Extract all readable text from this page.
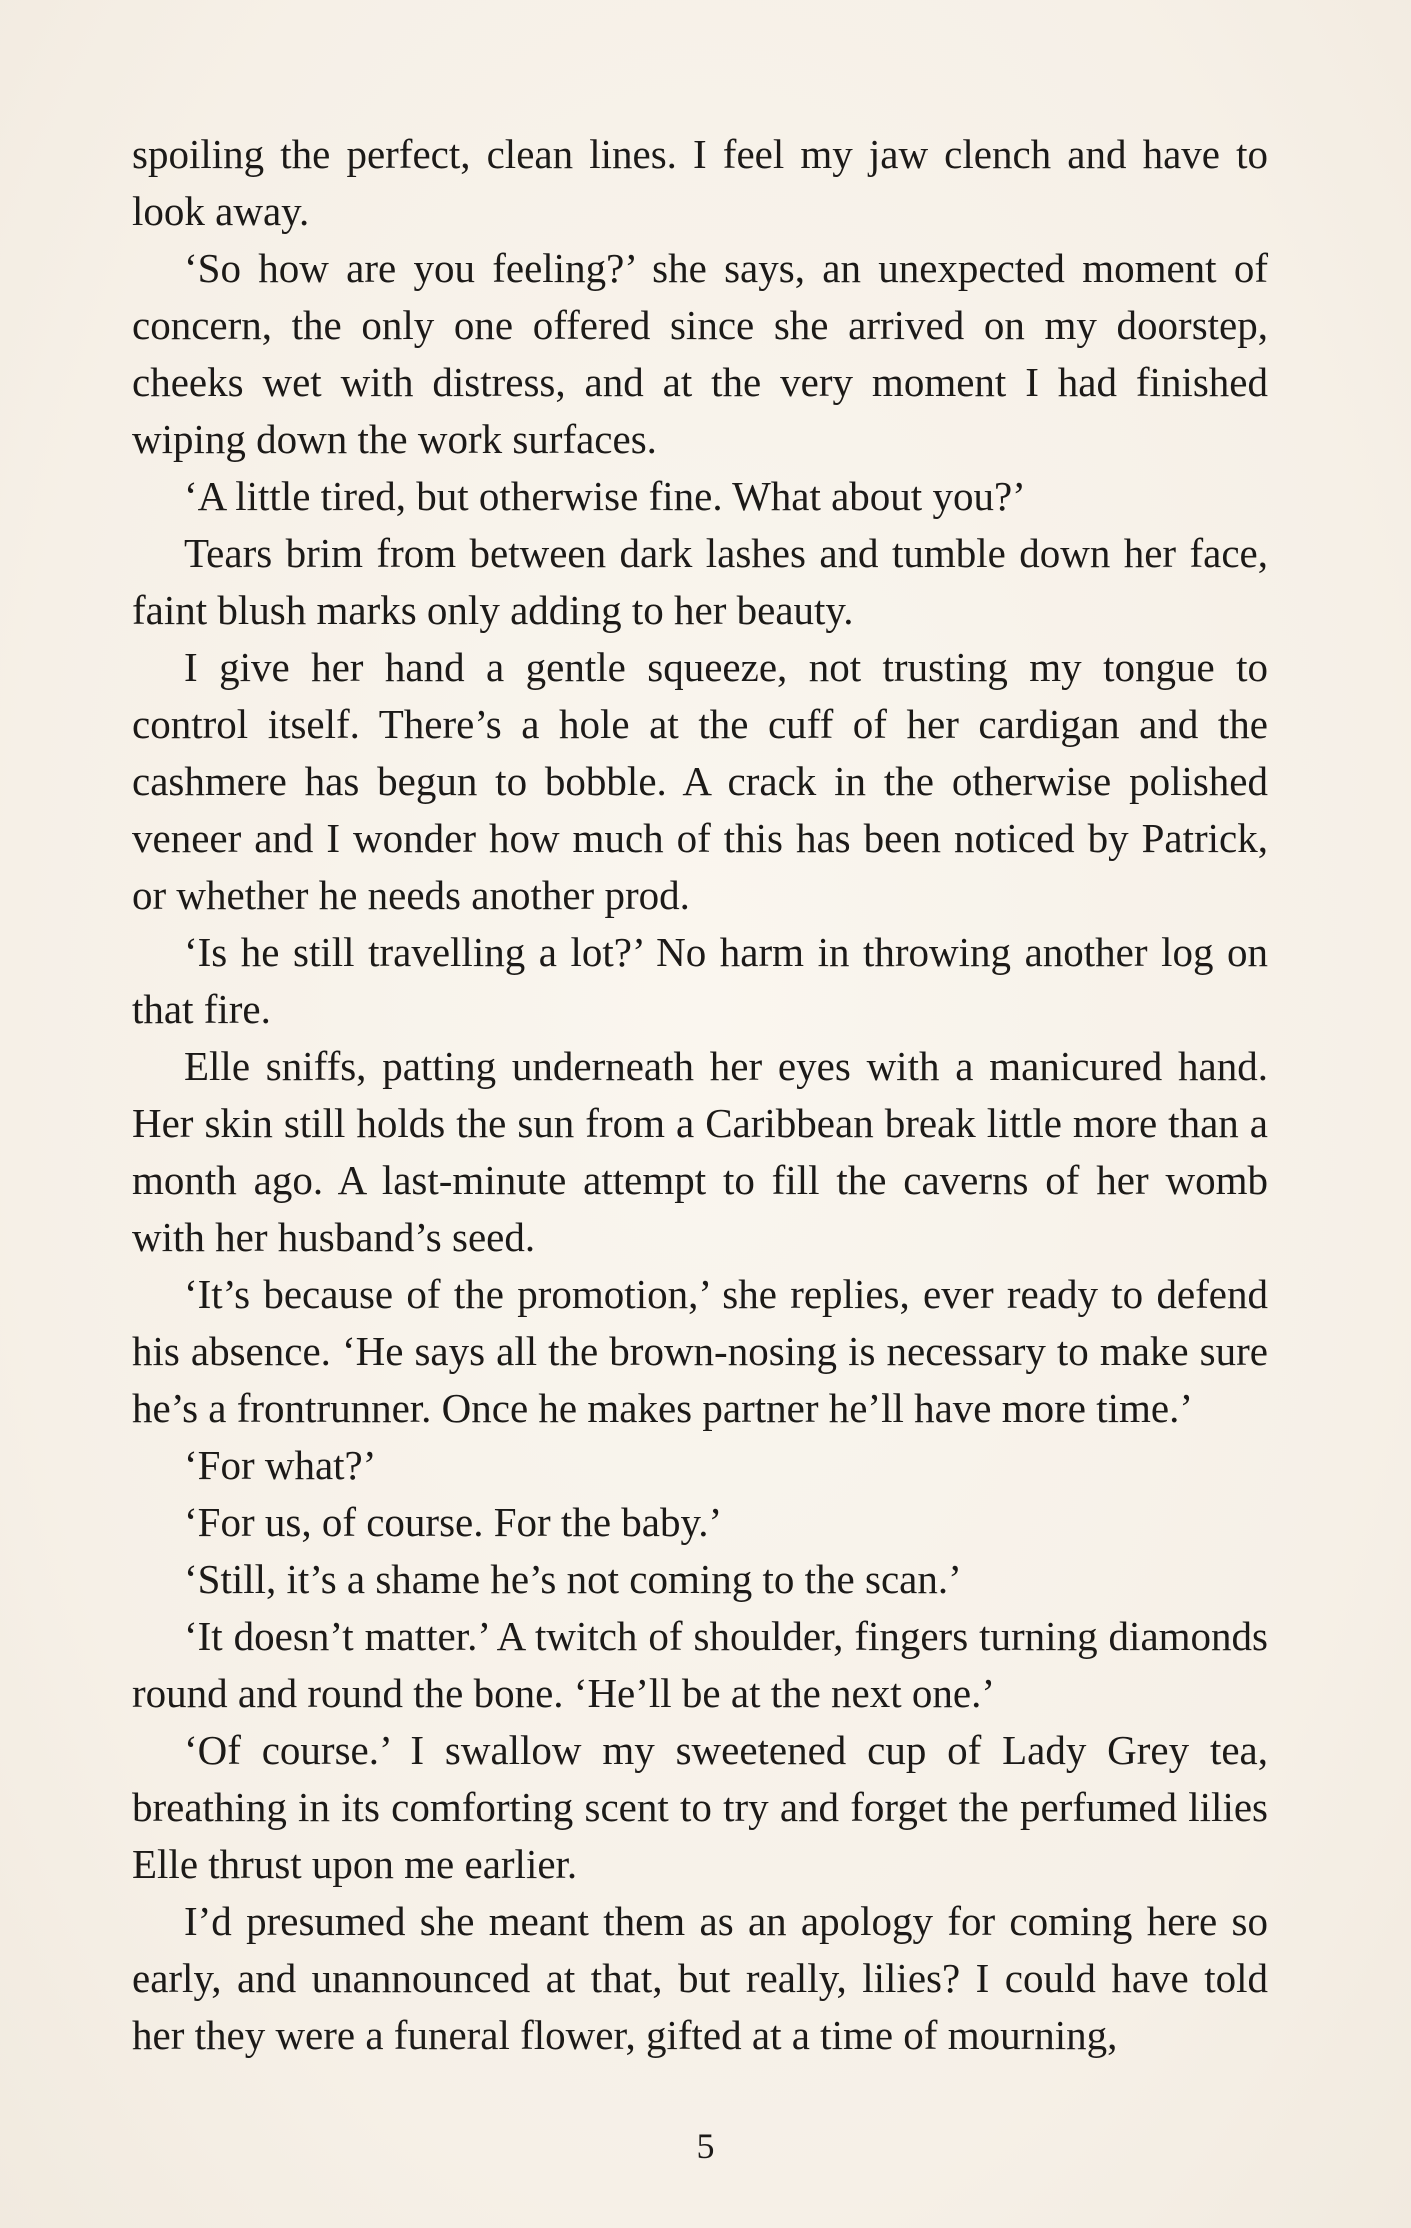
spoiling the perfect, clean lines. I feel my jaw clench and have to look away.

‘So how are you feeling?’ she says, an unexpected moment of concern, the only one offered since she arrived on my doorstep, cheeks wet with distress, and at the very moment I had finished wiping down the work surfaces.

‘A little tired, but otherwise fine. What about you?’

Tears brim from between dark lashes and tumble down her face, faint blush marks only adding to her beauty.

I give her hand a gentle squeeze, not trusting my tongue to control itself. There’s a hole at the cuff of her cardigan and the cashmere has begun to bobble. A crack in the otherwise polished veneer and I wonder how much of this has been noticed by Patrick, or whether he needs another prod.

‘Is he still travelling a lot?’ No harm in throwing another log on that fire.

Elle sniffs, patting underneath her eyes with a manicured hand. Her skin still holds the sun from a Caribbean break little more than a month ago. A last-minute attempt to fill the caverns of her womb with her husband’s seed.

‘It’s because of the promotion,’ she replies, ever ready to defend his absence. ‘He says all the brown-nosing is necessary to make sure he’s a frontrunner. Once he makes partner he’ll have more time.’

‘For what?’

‘For us, of course. For the baby.’

‘Still, it’s a shame he’s not coming to the scan.’

‘It doesn’t matter.’ A twitch of shoulder, fingers turning diamonds round and round the bone. ‘He’ll be at the next one.’

‘Of course.’ I swallow my sweetened cup of Lady Grey tea, breathing in its comforting scent to try and forget the perfumed lilies Elle thrust upon me earlier.

I’d presumed she meant them as an apology for coming here so early, and unannounced at that, but really, lilies? I could have told her they were a funeral flower, gifted at a time of mourning,

5
